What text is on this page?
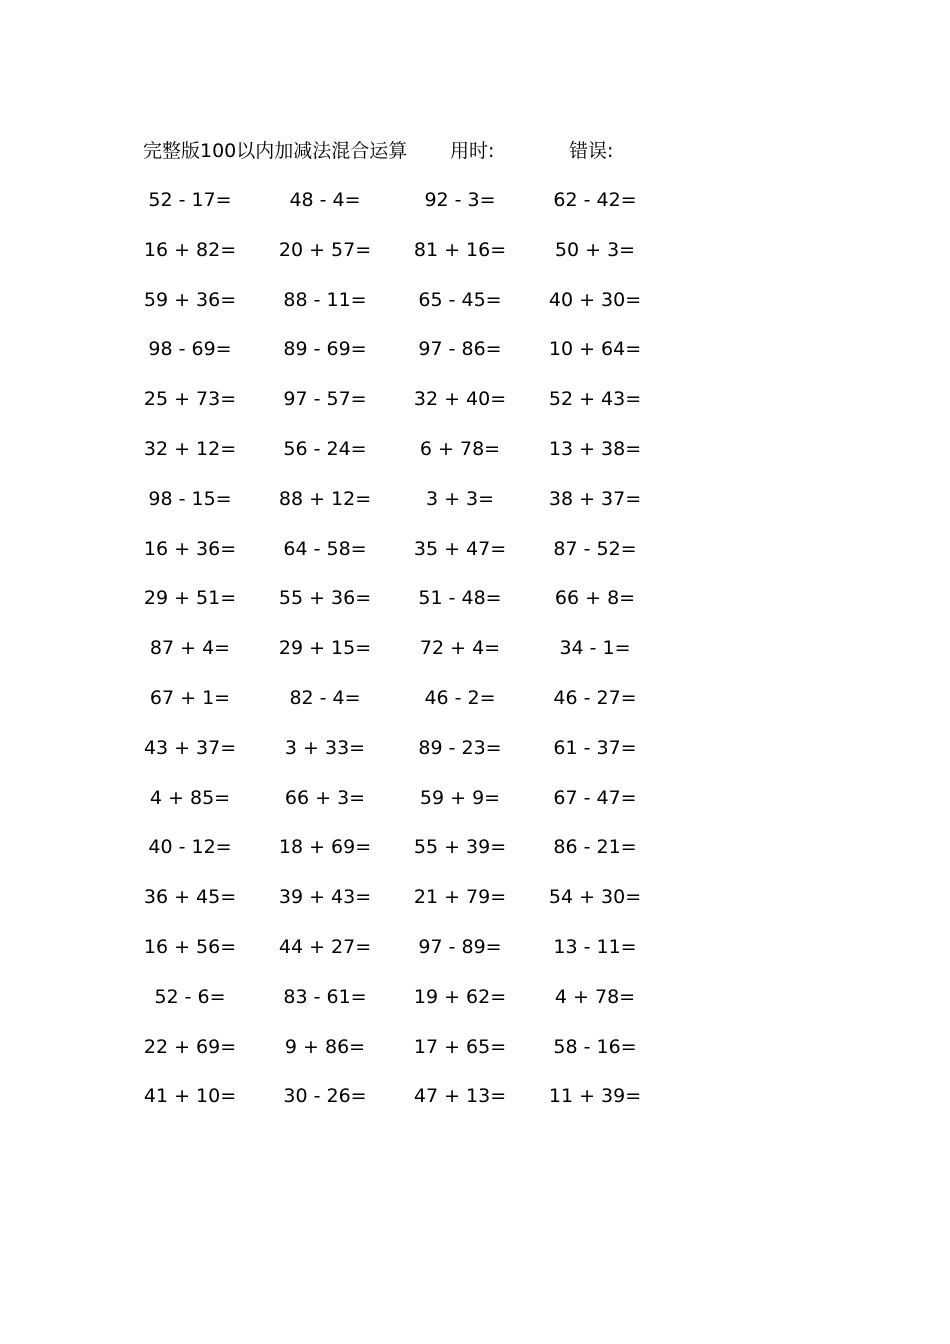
完整版100以内加减法混合运算 用时:	错误:
52 - 17=	48 - 4=	92 - 3=	62 - 42=
16 + 82=	20 + 57=	81 + 16=	50 + 3=
59 + 36=	88 - 11=	65 - 45=	40 + 30=
98 - 69=	89 - 69=	97 - 86=	10 + 64=
25 + 73=	97 - 57=	32 + 40=	52 + 43=
32 + 12=	56 - 24=	6 + 78=	13 + 38=
98 - 15=	88 + 12=	3 + 3=	38 + 37=
16 + 36=	64 - 58=	35 + 47=	87 - 52=
29 + 51=	55 + 36=	51 - 48=	66 + 8=
87 + 4=	29 + 15=	72 + 4=	34 - 1=
67 + 1=	82 - 4=	46 - 2=	46 - 27=
43 + 37=	3 + 33=	89 - 23=	61 - 37=
4 + 85=	66 + 3=	59 + 9=	67 - 47=
40 - 12=	18 + 69=	55 + 39=	86 - 21=
36 + 45=	39 + 43=	21 + 79=	54 + 30=
16 + 56=	44 + 27=	97 - 89=	13 - 11=
52 - 6=	83 - 61=	19 + 62=	4 + 78=
22 + 69=	9 + 86=	17 + 65=	58 - 16=
41 + 10=	30 - 26=	47 + 13=	11 + 39=
